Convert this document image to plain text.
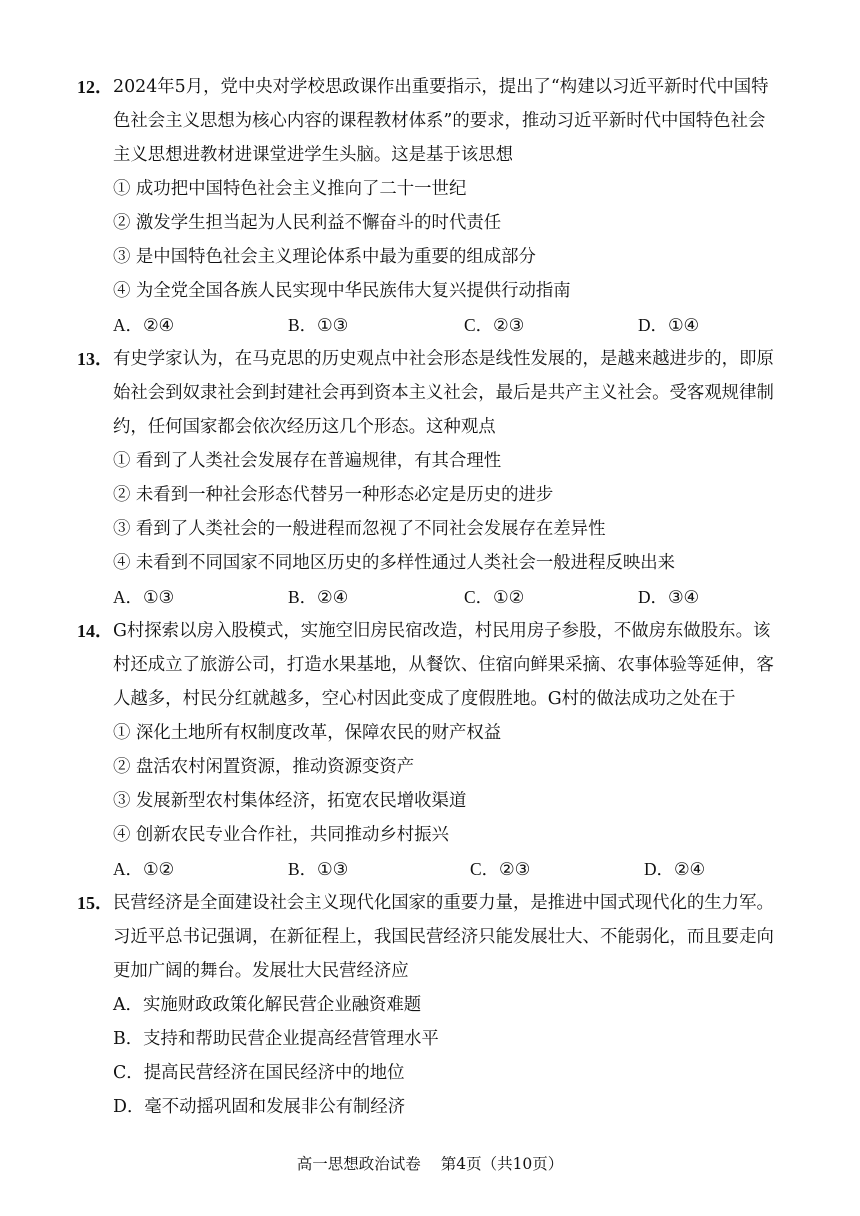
12． 2024年5月，党中央对学校思政课作出重要指示，提出了“构建以习近平新时代中国特
色社会主义思想为核心内容的课程教材体系”的要求，推动习近平新时代中国特色社会
主义思想进教材进课堂进学生头脑。这是基于该思想
① 成功把中国特色社会主义推向了二十一世纪
② 激发学生担当起为人民利益不懈奋斗的时代责任
③ 是中国特色社会主义理论体系中最为重要的组成部分
④ 为全党全国各族人民实现中华民族伟大复兴提供行动指南
A．②④	B．①③	C．②③	D．①④
13． 有史学家认为，在马克思的历史观点中社会形态是线性发展的，是越来越进步的，即原
始社会到奴隶社会到封建社会再到资本主义社会，最后是共产主义社会。受客观规律制
约，任何国家都会依次经历这几个形态。这种观点
① 看到了人类社会发展存在普遍规律，有其合理性
② 未看到一种社会形态代替另一种形态必定是历史的进步
③ 看到了人类社会的一般进程而忽视了不同社会发展存在差异性
④ 未看到不同国家不同地区历史的多样性通过人类社会一般进程反映出来
A．①③	B．②④	C．①②	D．③④
14． G村探索以房入股模式，实施空旧房民宿改造，村民用房子参股，不做房东做股东。该
村还成立了旅游公司，打造水果基地，从餐饮、住宿向鲜果采摘、农事体验等延伸，客
人越多，村民分红就越多，空心村因此变成了度假胜地。G村的做法成功之处在于
① 深化土地所有权制度改革，保障农民的财产权益
② 盘活农村闲置资源，推动资源变资产
③ 发展新型农村集体经济，拓宽农民增收渠道
④ 创新农民专业合作社，共同推动乡村振兴
A．①②	B．①③	C．②③	D．②④
15． 民营经济是全面建设社会主义现代化国家的重要力量，是推进中国式现代化的生力军。
习近平总书记强调，在新征程上，我国民营经济只能发展壮大、不能弱化，而且要走向
更加广阔的舞台。发展壮大民营经济应
A．实施财政政策化解民营企业融资难题
B．支持和帮助民营企业提高经营管理水平
C．提高民营经济在国民经济中的地位
D．毫不动摇巩固和发展非公有制经济
高一思想政治试卷 第4页（共10页）
